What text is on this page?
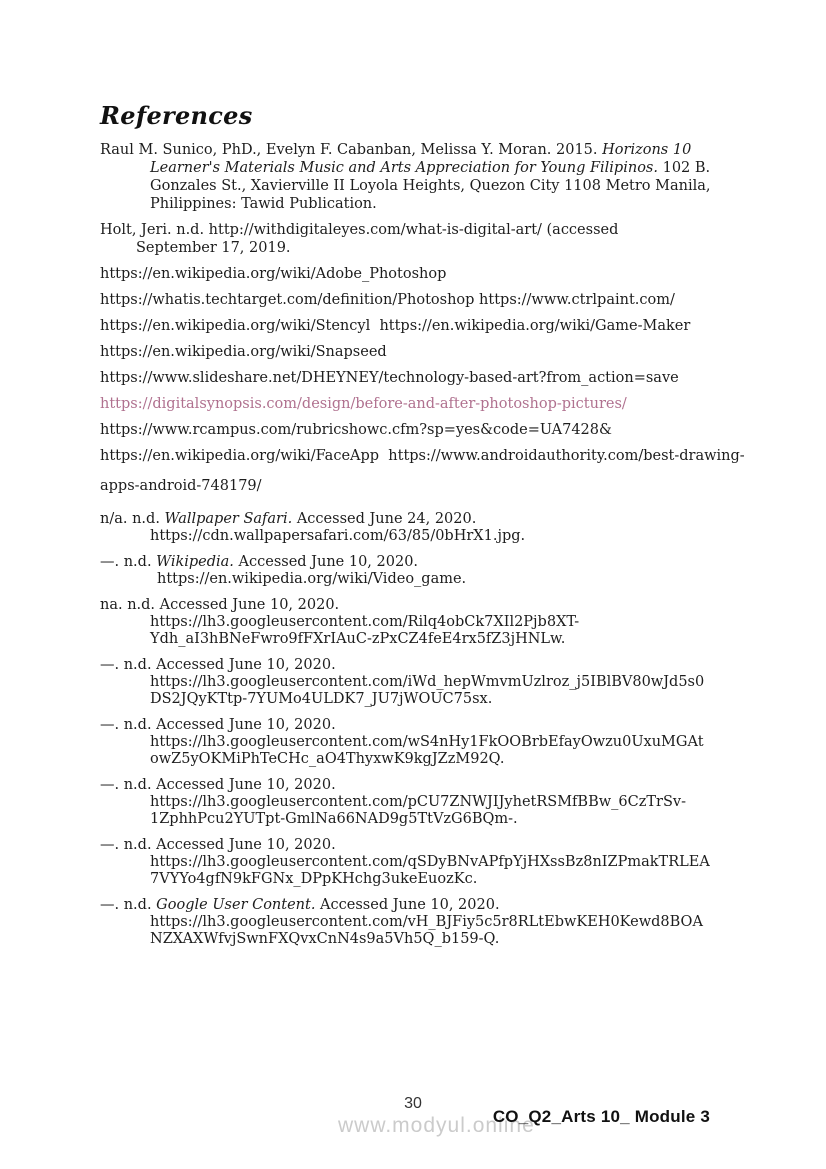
References
Raul M. Sunico, PhD., Evelyn F. Cabanban, Melissa Y. Moran. 2015. Horizons 10
Learner's Materials Music and Arts Appreciation for Young Filipinos. 102 B.
Gonzales St., Xavierville II Loyola Heights, Quezon City 1108 Metro Manila,
Philippines: Tawid Publication.
Holt, Jeri. n.d. http://withdigitaleyes.com/what-is-digital-art/ (accessed
September 17, 2019.
https://en.wikipedia.org/wiki/Adobe_Photoshop
https://whatis.techtarget.com/definition/Photoshop https://www.ctrlpaint.com/
https://en.wikipedia.org/wiki/Stencyl  https://en.wikipedia.org/wiki/Game-Maker
https://en.wikipedia.org/wiki/Snapseed
https://www.slideshare.net/DHEYNEY/technology-based-art?from_action=save
https://digitalsynopsis.com/design/before-and-after-photoshop-pictures/
https://www.rcampus.com/rubricshowc.cfm?sp=yes&code=UA7428&
https://en.wikipedia.org/wiki/FaceApp  https://www.androidauthority.com/best-drawing-
apps-android-748179/
n/a. n.d. Wallpaper Safari. Accessed June 24, 2020.
https://cdn.wallpapersafari.com/63/85/0bHrX1.jpg.
—. n.d. Wikipedia. Accessed June 10, 2020.
https://en.wikipedia.org/wiki/Video_game.
na. n.d. Accessed June 10, 2020.
https://lh3.googleusercontent.com/Rilq4obCk7XIl2Pjb8XT-
Ydh_aI3hBNeFwro9fFXrIAuC-zPxCZ4feE4rx5fZ3jHNLw.
—. n.d. Accessed June 10, 2020.
https://lh3.googleusercontent.com/iWd_hepWmvmUzlroz_j5IBlBV80wJd5s0
DS2JQyKTtp-7YUMo4ULDK7_JU7jWOUC75sx.
—. n.d. Accessed June 10, 2020.
https://lh3.googleusercontent.com/wS4nHy1FkOOBrbEfayOwzu0UxuMGAt
owZ5yOKMiPhTeCHc_aO4ThyxwK9kgJZzM92Q.
—. n.d. Accessed June 10, 2020.
https://lh3.googleusercontent.com/pCU7ZNWJIJyhetRSMfBBw_6CzTrSv-
1ZphhPcu2YUTpt-GmlNa66NAD9g5TtVzG6BQm-.
—. n.d. Accessed June 10, 2020.
https://lh3.googleusercontent.com/qSDyBNvAPfpYjHXssBz8nIZPmakTRLEA
7VYYo4gfN9kFGNx_DPpKHchg3ukeEuozKc.
—. n.d. Google User Content. Accessed June 10, 2020.
https://lh3.googleusercontent.com/vH_BJFiy5c5r8RLtEbwKEH0Kewd8BOA
NZXAXWfvjSwnFXQvxCnN4s9a5Vh5Q_b159-Q.
30
www.modyul.online
CO_Q2_Arts 10_ Module 3
